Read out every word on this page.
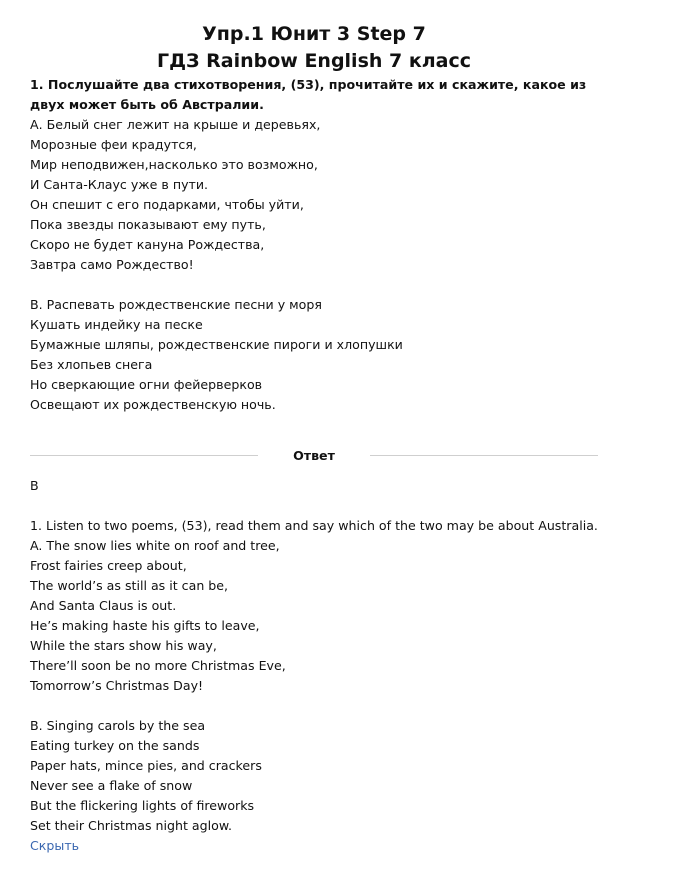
Упр.1 Юнит 3 Step 7
ГДЗ Rainbow English 7 класс
1. Послушайте два стихотворения, (53), прочитайте их и скажите, какое из двух может быть об Австралии.
А. Белый снег лежит на крыше и деревьях,
Морозные феи крадутся,
Мир неподвижен,насколько это возможно,
И Санта-Клаус уже в пути.
Он спешит с его подарками, чтобы уйти,
Пока звезды показывают ему путь,
Скоро не будет кануна Рождества,
Завтра само Рождество!
В. Распевать рождественские песни у моря
Кушать индейку на песке
Бумажные шляпы, рождественские пироги и хлопушки
Без хлопьев снега
Но сверкающие огни фейерверков
Освещают их рождественскую ночь.
Ответ
B
1. Listen to two poems, (53), read them and say which of the two may be about Australia.
A. The snow lies white on roof and tree,
Frost fairies creep about,
The world’s as still as it can be,
And Santa Claus is out.
He’s making haste his gifts to leave,
While the stars show his way,
There’ll soon be no more Christmas Eve,
Tomorrow’s Christmas Day!
B. Singing carols by the sea
Eating turkey on the sands
Paper hats, mince pies, and crackers
Never see a flake of snow
But the flickering lights of fireworks
Set their Christmas night aglow.
Скрыть
